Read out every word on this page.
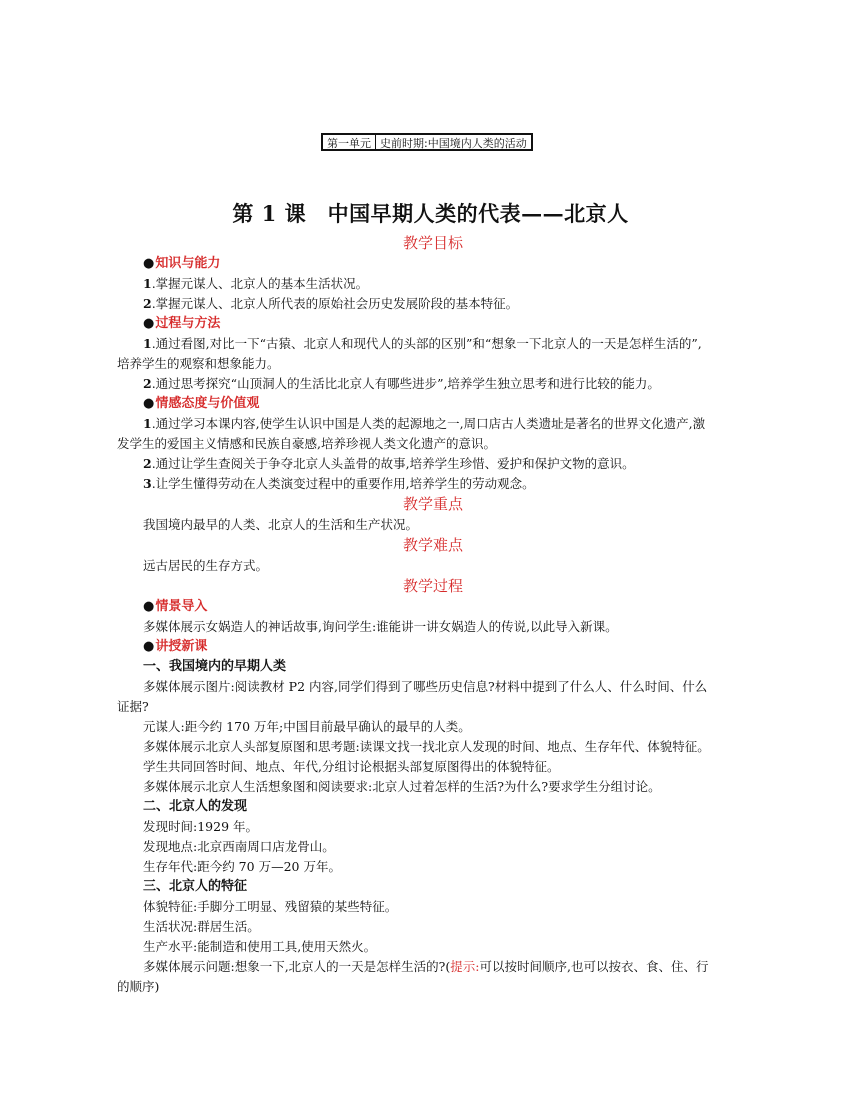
第一单元 史前时期:中国境内人类的活动
第 1 课　中国早期人类的代表——北京人
教学目标
●知识与能力
1.掌握元谋人、北京人的基本生活状况。
2.掌握元谋人、北京人所代表的原始社会历史发展阶段的基本特征。
●过程与方法
1.通过看图,对比一下“古猿、北京人和现代人的头部的区别”和“想象一下北京人的一天是怎样生活的”,
培养学生的观察和想象能力。
2.通过思考探究“山顶洞人的生活比北京人有哪些进步”,培养学生独立思考和进行比较的能力。
●情感态度与价值观
1.通过学习本课内容,使学生认识中国是人类的起源地之一,周口店古人类遗址是著名的世界文化遗产,激
发学生的爱国主义情感和民族自豪感,培养珍视人类文化遗产的意识。
2.通过让学生查阅关于争夺北京人头盖骨的故事,培养学生珍惜、爱护和保护文物的意识。
3.让学生懂得劳动在人类演变过程中的重要作用,培养学生的劳动观念。
教学重点
我国境内最早的人类、北京人的生活和生产状况。
教学难点
远古居民的生存方式。
教学过程
●情景导入
多媒体展示女娲造人的神话故事,询问学生:谁能讲一讲女娲造人的传说,以此导入新课。
●讲授新课
一、我国境内的早期人类
多媒体展示图片:阅读教材 P2 内容,同学们得到了哪些历史信息?材料中提到了什么人、什么时间、什么
证据?
元谋人:距今约 170 万年;中国目前最早确认的最早的人类。
多媒体展示北京人头部复原图和思考题:读课文找一找北京人发现的时间、地点、生存年代、体貌特征。
学生共同回答时间、地点、年代,分组讨论根据头部复原图得出的体貌特征。
多媒体展示北京人生活想象图和阅读要求:北京人过着怎样的生活?为什么?要求学生分组讨论。
二、北京人的发现
发现时间:1929 年。
发现地点:北京西南周口店龙骨山。
生存年代:距今约 70 万—20 万年。
三、北京人的特征
体貌特征:手脚分工明显、残留猿的某些特征。
生活状况:群居生活。
生产水平:能制造和使用工具,使用天然火。
多媒体展示问题:想象一下,北京人的一天是怎样生活的?(提示:可以按时间顺序,也可以按衣、食、住、行
的顺序)
